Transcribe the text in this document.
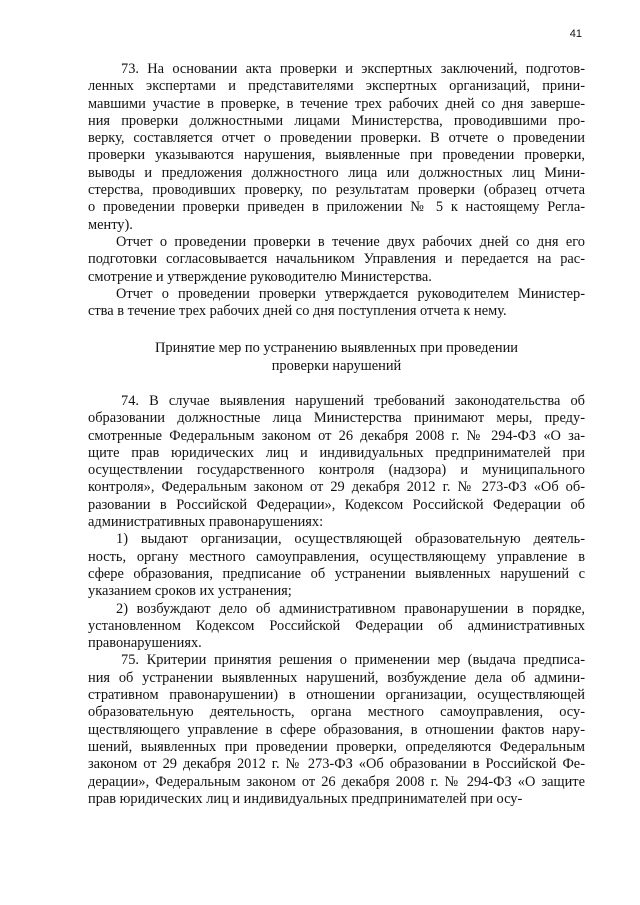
41

73. На основании акта проверки и экспертных заключений, подготов-
ленных экспертами и представителями экспертных организаций, прини-
мавшими участие в проверке, в течение трех рабочих дней со дня заверше-
ния проверки должностными лицами Министерства, проводившими про-
верку, составляется отчет о проведении проверки. В отчете о проведении
проверки указываются нарушения, выявленные при проведении проверки,
выводы и предложения должностного лица или должностных лиц Мини-
стерства, проводивших проверку, по результатам проверки (образец отчета
о проведении проверки приведен в приложении № 5 к настоящему Регла-
менту).

Отчет о проведении проверки в течение двух рабочих дней со дня его
подготовки согласовывается начальником Управления и передается на рас-
смотрение и утверждение руководителю Министерства.

Отчет о проведении проверки утверждается руководителем Министер-
ства в течение трех рабочих дней со дня поступления отчета к нему.

Принятие мер по устранению выявленных при проведении
проверки нарушений

74. В случае выявления нарушений требований законодательства об
образовании должностные лица Министерства принимают меры, преду-
смотренные Федеральным законом от 26 декабря 2008 г. № 294-ФЗ «О за-
щите прав юридических лиц и индивидуальных предпринимателей при
осуществлении государственного контроля (надзора) и муниципального
контроля», Федеральным законом от 29 декабря 2012 г. № 273-ФЗ «Об об-
разовании в Российской Федерации», Кодексом Российской Федерации об
административных правонарушениях:

1) выдают организации, осуществляющей образовательную деятель-
ность, органу местного самоуправления, осуществляющему управление в
сфере образования, предписание об устранении выявленных нарушений с
указанием сроков их устранения;

2) возбуждают дело об административном правонарушении в порядке,
установленном Кодексом Российской Федерации об административных
правонарушениях.

75. Критерии принятия решения о применении мер (выдача предписа-
ния об устранении выявленных нарушений, возбуждение дела об админи-
стративном правонарушении) в отношении организации, осуществляющей
образовательную деятельность, органа местного самоуправления, осу-
ществляющего управление в сфере образования, в отношении фактов нару-
шений, выявленных при проведении проверки, определяются Федеральным
законом от 29 декабря 2012 г. № 273-ФЗ «Об образовании в Российской Фе-
дерации», Федеральным законом от 26 декабря 2008 г. № 294-ФЗ «О защите
прав юридических лиц и индивидуальных предпринимателей при осу-
